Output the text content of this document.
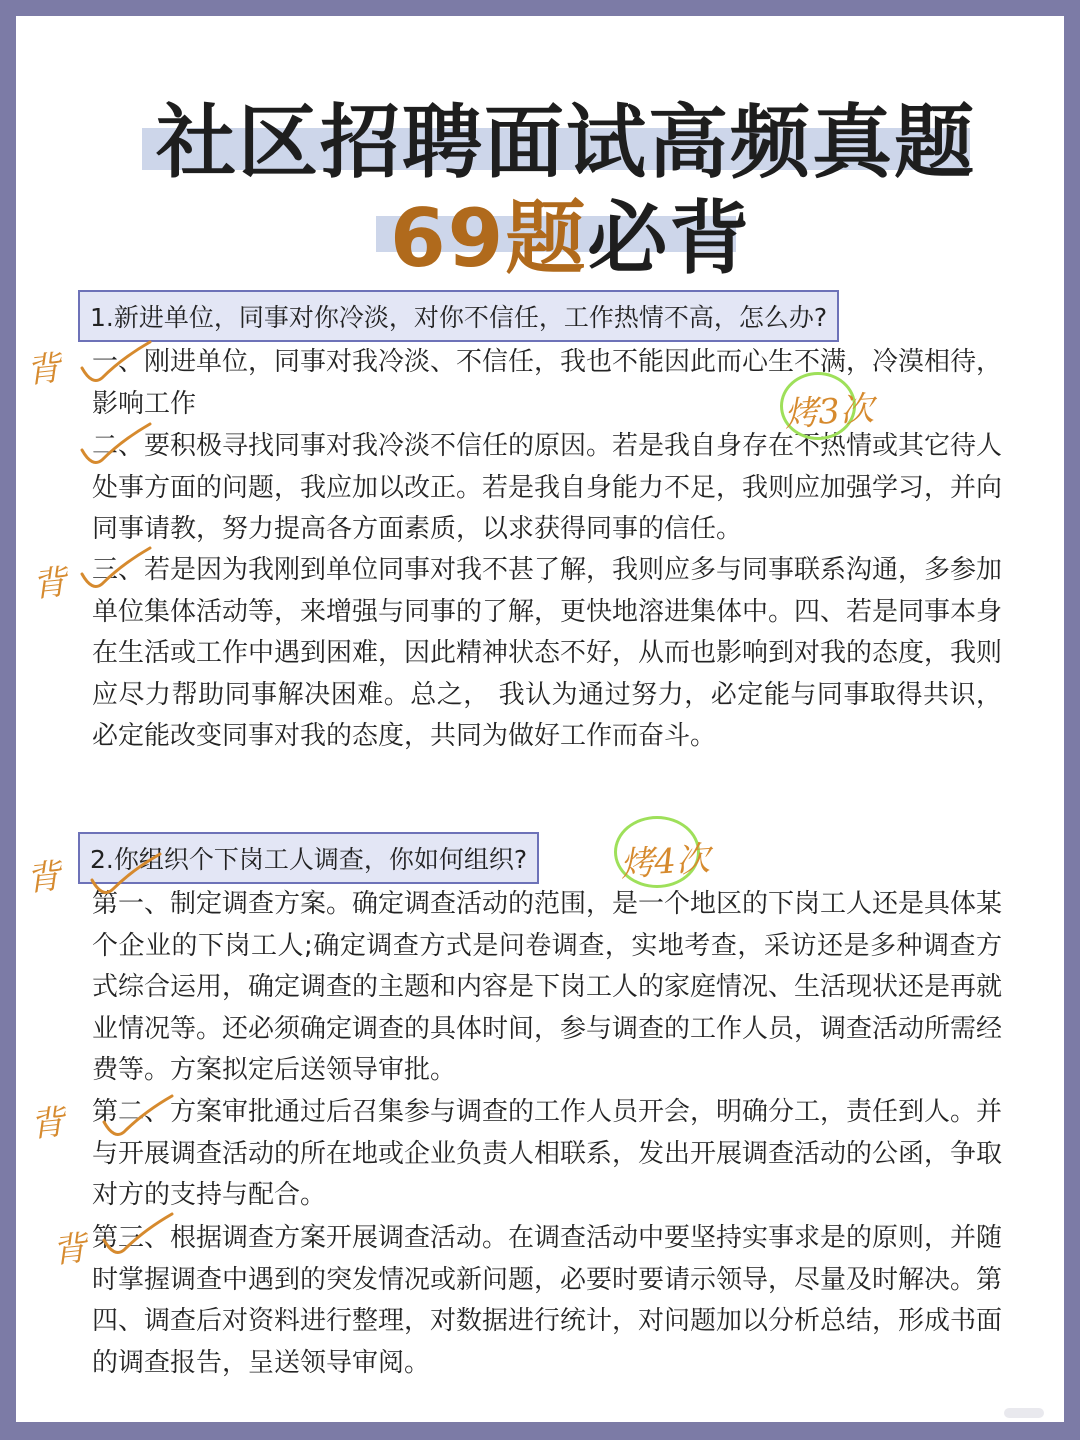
社区招聘面试高频真题
69题必背
1.新进单位，同事对你冷淡，对你不信任，工作热情不高，怎么办?

一、刚进单位，同事对我冷淡、不信任，我也不能因此而心生不满，冷漠相待，影响工作

二、要积极寻找同事对我冷淡不信任的原因。若是我自身存在不热情或其它待人处事方面的问题，我应加以改正。若是我自身能力不足，我则应加强学习，并向同事请教，努力提高各方面素质，以求获得同事的信任。

三、若是因为我刚到单位同事对我不甚了解，我则应多与同事联系沟通，多参加单位集体活动等，来增强与同事的了解，更快地溶进集体中。四、若是同事本身在生活或工作中遇到困难，因此精神状态不好，从而也影响到对我的态度，我则应尽力帮助同事解决困难。总之， 我认为通过努力，必定能与同事取得共识，必定能改变同事对我的态度，共同为做好工作而奋斗。

2.你组织个下岗工人调查，你如何组织?

第一、制定调查方案。确定调查活动的范围，是一个地区的下岗工人还是具体某个企业的下岗工人;确定调查方式是问卷调查，实地考查，采访还是多种调查方式综合运用，确定调查的主题和内容是下岗工人的家庭情况、生活现状还是再就业情况等。还必须确定调查的具体时间，参与调查的工作人员，调查活动所需经费等。方案拟定后送领导审批。

第二、方案审批通过后召集参与调查的工作人员开会，明确分工，责任到人。并与开展调查活动的所在地或企业负责人相联系，发出开展调查活动的公函，争取对方的支持与配合。

第三、根据调查方案开展调查活动。在调查活动中要坚持实事求是的原则，并随时掌握调查中遇到的突发情况或新问题，必要时要请示领导，尽量及时解决。第四、调查后对资料进行整理，对数据进行统计，对问题加以分析总结，形成书面的调查报告，呈送领导审阅。

背
背
背
背
背
烤3次
烤4次
